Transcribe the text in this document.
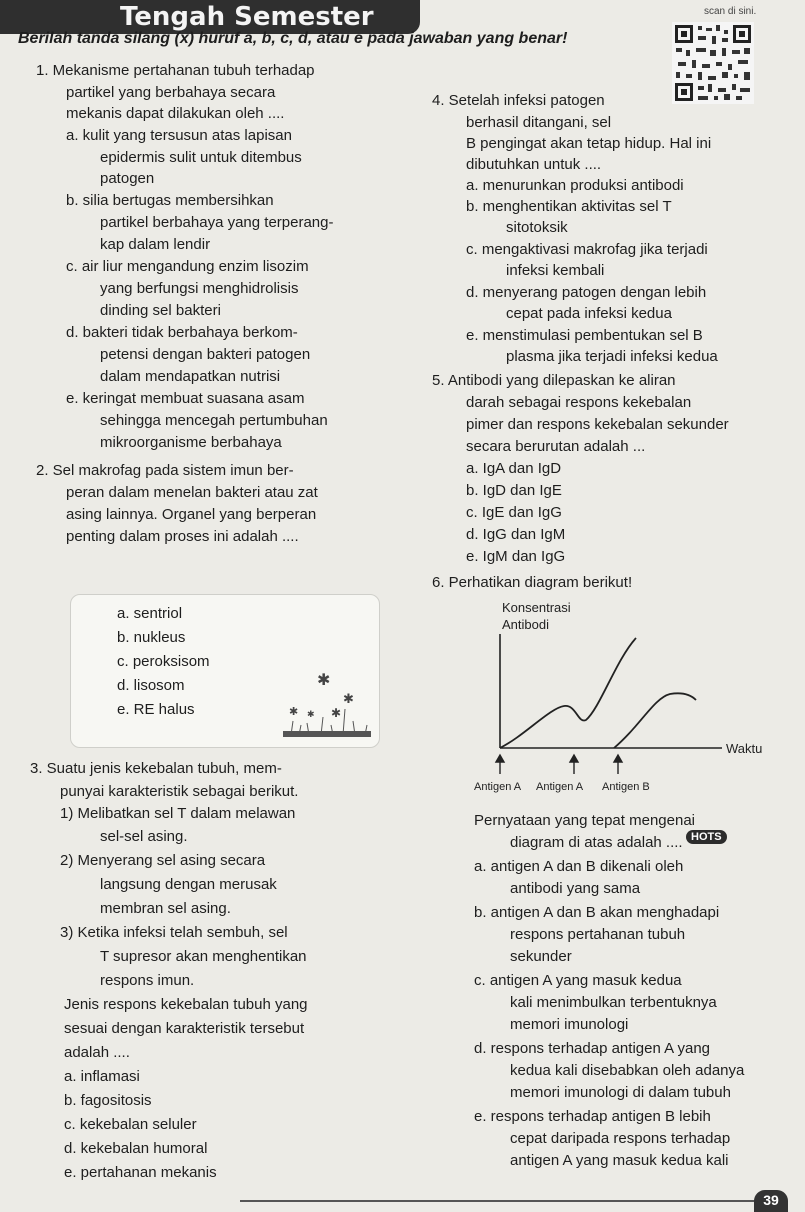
Tengah Semester	scan di sini.
Berilah tanda silang (x) huruf a, b, c, d, atau e pada jawaban yang benar!
1. Mekanisme pertahanan tubuh terhadap
partikel yang berbahaya secara
mekanis dapat dilakukan oleh ....
a. kulit yang tersusun atas lapisan
epidermis sulit untuk ditembus
patogen
b. silia bertugas membersihkan
partikel berbahaya yang terperang-
kap dalam lendir
c. air liur mengandung enzim lisozim
yang berfungsi menghidrolisis
dinding sel bakteri
d. bakteri tidak berbahaya berkom-
petensi dengan bakteri patogen
dalam mendapatkan nutrisi
e. keringat membuat suasana asam
sehingga mencegah pertumbuhan
mikroorganisme berbahaya
2. Sel makrofag pada sistem imun ber-
peran dalam menelan bakteri atau zat
asing lainnya. Organel yang berperan
penting dalam proses ini adalah ....
3. Suatu jenis kekebalan tubuh, mem-
punyai karakteristik sebagai berikut.
1) Melibatkan sel T dalam melawan
sel-sel asing.
2) Menyerang sel asing secara
langsung dengan merusak
membran sel asing.
3) Ketika infeksi telah sembuh, sel
T supresor akan menghentikan
respons imun.
Jenis respons kekebalan tubuh yang
sesuai dengan karakteristik tersebut
adalah ....
a. inflamasi
b. fagositosis
c. kekebalan seluler
d. kekebalan humoral
e. pertahanan mekanis
4. Setelah infeksi patogen
berhasil ditangani, sel
B pengingat akan tetap hidup. Hal ini
dibutuhkan untuk ....
a. menurunkan produksi antibodi
b. menghentikan aktivitas sel T
sitotoksik
c. mengaktivasi makrofag jika terjadi
infeksi kembali
d. menyerang patogen dengan lebih
cepat pada infeksi kedua
e. menstimulasi pembentukan sel B
plasma jika terjadi infeksi kedua
5. Antibodi yang dilepaskan ke aliran
darah sebagai respons kekebalan
pimer dan respons kekebalan sekunder
secara berurutan adalah ...
a. IgA dan IgD
b. IgD dan IgE
c. IgE dan IgG
d. IgG dan IgM
e. IgM dan IgG
6. Perhatikan diagram berikut!
Pernyataan yang tepat mengenai
diagram di atas adalah ....
a. antigen A dan B dikenali oleh
antibodi yang sama
b. antigen A dan B akan menghadapi
respons pertahanan tubuh
sekunder
c. antigen A yang masuk kedua
kali menimbulkan terbentuknya
memori imunologi
d. respons terhadap antigen A yang
kedua kali disebabkan oleh adanya
memori imunologi di dalam tubuh
e. respons terhadap antigen B lebih
cepat daripada respons terhadap
antigen A yang masuk kedua kali
a. sentriol
b. nukleus
c. peroksisom
d. lisosom
e. RE halus
✱
✱
✱ ✱ ✱
Konsentrasi
Antibodi
Waktu
Antigen A Antigen A Antigen B
HOTS
39
